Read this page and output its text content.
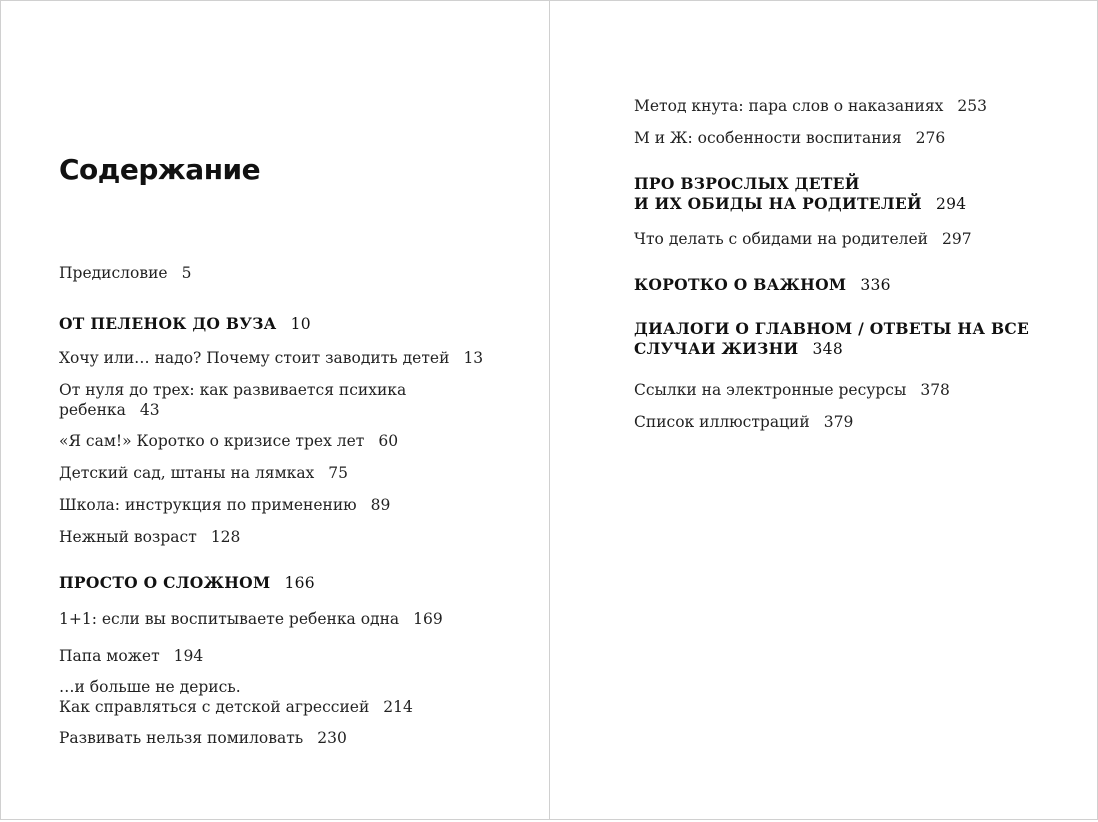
Содержание
Предисловие 5
ОТ ПЕЛЕНОК ДО ВУЗА 10
Хочу или… надо? Почему стоит заводить детей 13
От нуля до трех: как развивается психика
ребенка 43
«Я сам!» Коротко о кризисе трех лет 60
Детский сад, штаны на лямках 75
Школа: инструкция по применению 89
Нежный возраст 128
ПРОСТО О СЛОЖНОМ 166
1+1: если вы воспитываете ребенка одна 169
Папа может 194
…и больше не дерись.
Как справляться с детской агрессией 214
Развивать нельзя помиловать 230
Метод кнута: пара слов о наказаниях 253
М и Ж: особенности воспитания 276
ПРО ВЗРОСЛЫХ ДЕТЕЙ
И ИХ ОБИДЫ НА РОДИТЕЛЕЙ 294
Что делать с обидами на родителей 297
КОРОТКО О ВАЖНОМ 336
ДИАЛОГИ О ГЛАВНОМ / ОТВЕТЫ НА ВСЕ
СЛУЧАИ ЖИЗНИ 348
Ссылки на электронные ресурсы 378
Список иллюстраций 379
